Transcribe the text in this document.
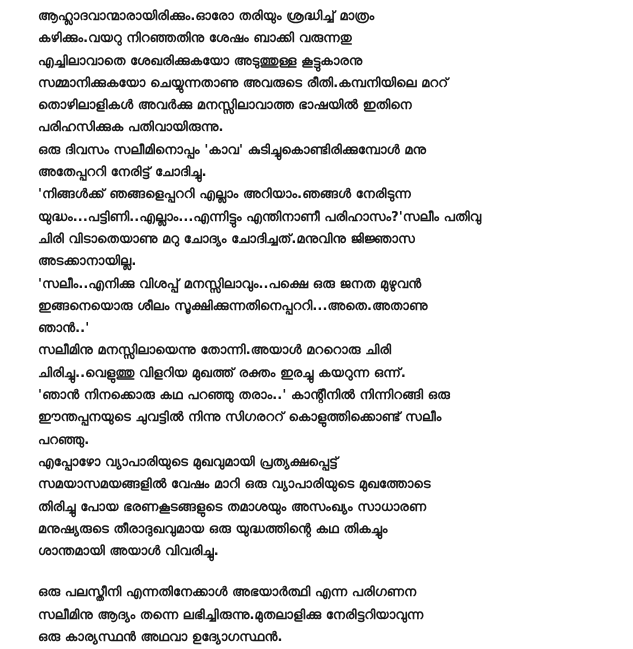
ആഹ്ലാദവാന്മാരായിരിക്കും.ഓരോ തരിയും ശ്രദ്ധിച്ച് മാത്രം
കഴിക്കും.വയറു നിറഞ്ഞതിനു ശേഷം ബാക്കി വരുന്നതു
എച്ചിലാവാതെ ശേഖരിക്കുകയോ അടുത്തുള്ള കൂട്ടുകാരനു
സമ്മാനിക്കുകയോ ചെയ്യുന്നതാണു അവരുടെ രീതി.കമ്പനിയിലെ മററ്
തൊഴിലാളികൾ അവർക്കു മനസ്സിലാവാത്ത ഭാഷയിൽ ഇതിനെ
പരിഹസിക്കുക പതിവായിരുന്നു.
ഒരു ദിവസം സലീമിനൊപ്പം 'കാവ' കുടിച്ചുകൊണ്ടിരിക്കുമ്പോൾ മനു
അതേപ്പററി നേരിട്ട് ചോദിച്ചു.
'നിങ്ങൾക്ക് ഞങ്ങളെപ്പററി എല്ലാം അറിയാം.ഞങ്ങൾ നേരിടുന്ന
യുദ്ധം...പട്ടിണി..എല്ലാം...എന്നിട്ടും എന്തിനാണീ പരിഹാസം?'സലീം പതിവു
ചിരി വിടാതെയാണു മറു ചോദ്യം ചോദിച്ചത്.മനുവിനു ജിജ്ഞാസ
അടക്കാനായില്ല.
'സലീം..എനിക്കു വിശപ്പ് മനസ്സിലാവും..പക്ഷെ ഒരു ജനത മുഴുവൻ
ഇങ്ങനെയൊരു ശീലം സൂക്ഷിക്കുന്നതിനെപ്പററി...അതെ.അതാണു
ഞാൻ..'
സലീമിനു മനസ്സിലായെന്നു തോന്നി.അയാൾ മററൊരു ചിരി
ചിരിച്ചു..വെളുത്തു വിളറിയ മുഖത്ത് രക്തം ഇരച്ചു കയറുന്ന ഒന്ന്.
'ഞാൻ നിനക്കൊരു കഥ പറഞ്ഞു തരാം..' കാന്റീനിൽ നിന്നിറങ്ങി ഒരു
ഈന്തപ്പനയുടെ ചുവട്ടിൽ നിന്നു സിഗരററ് കൊളുത്തിക്കൊണ്ട് സലീം
പറഞ്ഞു.
എപ്പോഴോ വ്യാപാരിയുടെ മുഖവുമായി പ്രത്യക്ഷപ്പെട്ട്
സമയാസമയങ്ങളിൽ വേഷം മാറി ഒരു വ്യാപാരിയുടെ മുഖത്തോടെ
തിരിച്ചു പോയ ഭരണകൂടങ്ങളുടെ തമാശയും അസംഖ്യം സാധാരണ
മനുഷ്യരുടെ തീരാദുഖവുമായ ഒരു യുദ്ധത്തിന്റെ കഥ തികച്ചും
ശാന്തമായി അയാൾ വിവരിച്ചു.
ഒരു പലസ്തീനി എന്നതിനേക്കാൾ അഭയാർത്ഥി എന്ന പരിഗണന
സലീമിനു ആദ്യം തന്നെ ലഭിച്ചിരുന്നു.മുതലാളിക്കു നേരിട്ടറിയാവുന്ന
ഒരു കാര്യസ്ഥൻ അഥവാ ഉദ്യോഗസ്ഥൻ.
